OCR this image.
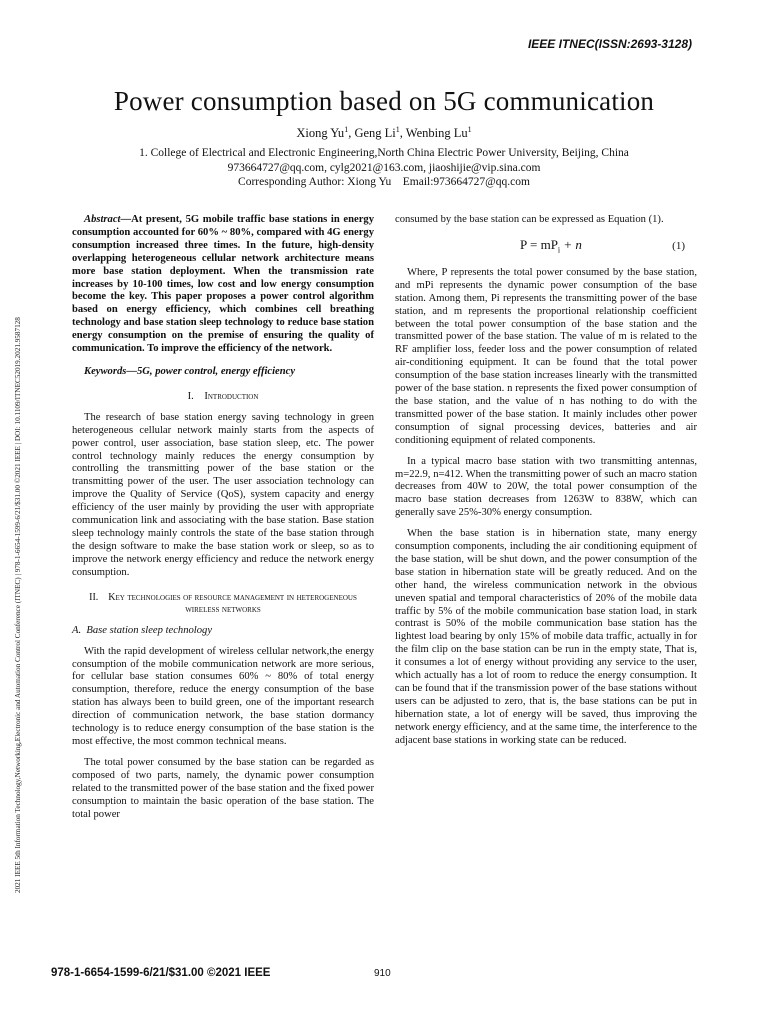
IEEE ITNEC(ISSN:2693-3128)
2021 IEEE 5th Information Technology,Networking,Electronic and Automation Control Conference (ITNEC) | 978-1-6654-1599-6/21/$31.00 ©2021 IEEE | DOI: 10.1109/ITNEC52019.2021.9587128
Power consumption based on 5G communication
Xiong Yu$^1$, Geng Li$^1$, Wenbing Lu$^1$
1. College of Electrical and Electronic Engineering,North China Electric Power University, Beijing, China
973664727@qq.com, cylg2021@163.com, jiaoshijie@vip.sina.com
Corresponding Author: Xiong Yu    Email:973664727@qq.com

Abstract—At present, 5G mobile traffic base stations in energy consumption accounted for 60% ~ 80%, compared with 4G energy consumption increased three times. In the future, high-density overlapping heterogeneous cellular network architecture means more base station deployment. When the transmission rate increases by 10-100 times, low cost and low energy consumption become the key. This paper proposes a power control algorithm based on energy efficiency, which combines cell breathing technology and base station sleep technology to reduce base station energy consumption on the premise of ensuring the quality of communication. To improve the efficiency of the network.

Keywords—5G, power control, energy efficiency

I.    Introduction

The research of base station energy saving technology in green heterogeneous cellular network mainly starts from the aspects of power control, user association, base station sleep, etc. The power control technology mainly reduces the energy consumption by controlling the transmitting power of the base station or the transmitting power of the user. The user association technology can improve the Quality of Service (QoS), system capacity and energy efficiency of the user mainly by providing the user with appropriate communication link and associating with the base station. Base station sleep technology mainly controls the state of the base station through the design software to make the base station work or sleep, so as to improve the network energy efficiency and reduce the network energy consumption.

II.    Key technologies of resource management in heterogeneous wireless networks

A.  Base station sleep technology

With the rapid development of wireless cellular network,the energy consumption of the mobile communication network are more serious, for cellular base station consumes 60% ~ 80% of total energy consumption, therefore, reduce the energy consumption of the base station has always been to build green, one of the important research direction of communication network, the base station dormancy technology is to reduce energy consumption of the base station is the most effective, the most common technical means.

The total power consumed by the base station can be regarded as composed of two parts, namely, the dynamic power consumption related to the transmitted power of the base station and the fixed power consumption to maintain the basic operation of the base station. The total power

consumed by the base station can be expressed as Equation (1).

$P = mP_i + n$	(1)

Where, P represents the total power consumed by the base station, and mPi represents the dynamic power consumption of the base station. Among them, Pi represents the transmitting power of the base station, and m represents the proportional relationship coefficient between the total power consumption of the base station and the transmitted power of the base station. The value of m is related to the RF amplifier loss, feeder loss and the power consumption of related air-conditioning equipment. It can be found that the total power consumption of the base station increases linearly with the transmitted power of the base station. n represents the fixed power consumption of the base station, and the value of n has nothing to do with the transmitted power of the base station. It mainly includes other power consumption of signal processing devices, batteries and air conditioning equipment of related components.

In a typical macro base station with two transmitting antennas, m=22.9, n=412. When the transmitting power of such an macro station decreases from 40W to 20W, the total power consumption of the macro base station decreases from 1263W to 838W, which can generally save 25%-30% energy consumption.

When the base station is in hibernation state, many energy consumption components, including the air conditioning equipment of the base station, will be shut down, and the power consumption of the base station in hibernation state will be greatly reduced. And on the other hand, the wireless communication network in the obvious uneven spatial and temporal characteristics of 20% of the mobile data traffic by 5% of the mobile communication base station load, in stark contrast is 50% of the mobile communication base station has the lightest load bearing by only 15% of mobile data traffic, actually in for the film clip on the base station can be run in the empty state, That is, it consumes a lot of energy without providing any service to the user, which actually has a lot of room to reduce the energy consumption. It can be found that if the transmission power of the base stations without users can be adjusted to zero, that is, the base stations can be put in hibernation state, a lot of energy will be saved, thus improving the network energy efficiency, and at the same time, the interference to the adjacent base stations in working state can be reduced.

978-1-6654-1599-6/21/$31.00 ©2021 IEEE	910
